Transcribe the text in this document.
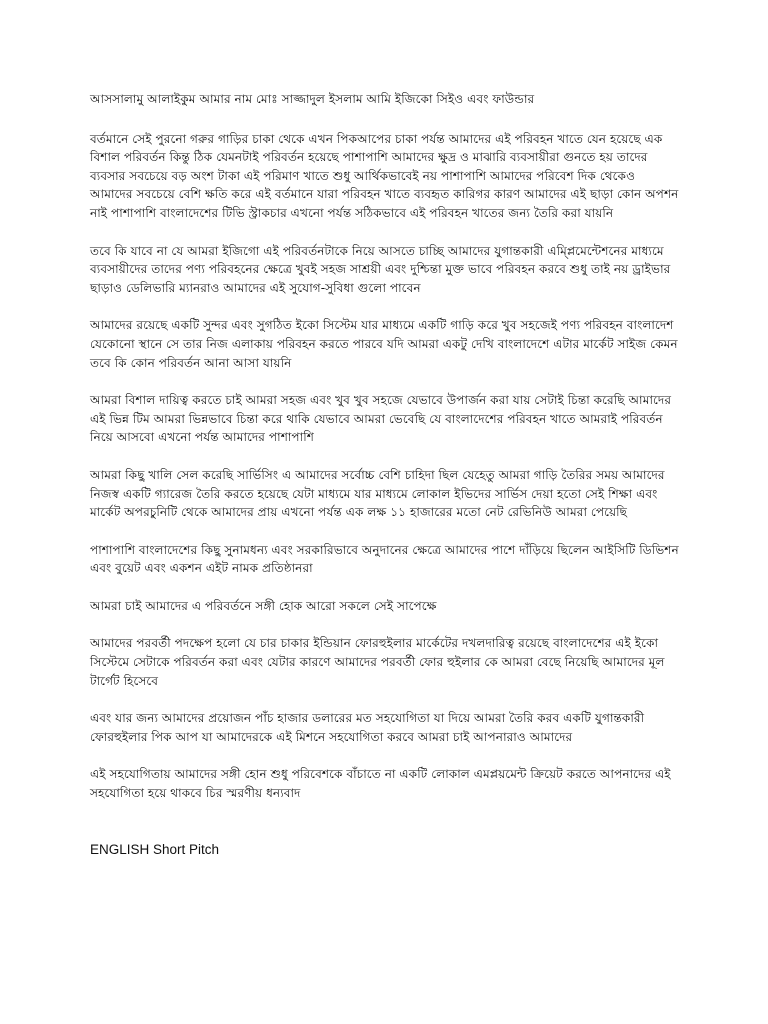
আসসালামু আলাইকুম আমার নাম মোঃ সাজ্জাদুল ইসলাম আমি ইজিকো সিইও এবং ফাউন্ডার

বর্তমানে সেই পুরনো গরুর গাড়ির চাকা থেকে এখন পিকআপের চাকা পর্যন্ত আমাদের এই পরিবহন খাতে যেন হয়েছে এক বিশাল পরিবর্তন কিন্তু ঠিক যেমনটাই পরিবর্তন হয়েছে পাশাপাশি আমাদের ক্ষুদ্র ও মাঝারি ব্যবসায়ীরা গুনতে হয় তাদের ব্যবসার সবচেয়ে বড় অংশ টাকা এই পরিমাণ খাতে শুধু আর্থিকভাবেই নয় পাশাপাশি আমাদের পরিবেশ দিক থেকেও আমাদের সবচেয়ে বেশি ক্ষতি করে এই বর্তমানে যারা পরিবহন খাতে ব্যবহৃত কারিগর কারণ আমাদের এই ছাড়া কোন অপশন নাই পাশাপাশি বাংলাদেশের টিভি স্ট্রাকচার এখনো পর্যন্ত সঠিকভাবে এই পরিবহন খাতের জন্য তৈরি করা যায়নি

তবে কি যাবে না যে আমরা ইজিগো এই পরিবর্তনটাকে নিয়ে আসতে চাচ্ছি আমাদের যুগান্তকারী এম্প্লিমেন্টেশনের মাধ্যমে ব্যবসায়ীদের তাদের পণ্য পরিবহনের ক্ষেত্রে খুবই সহজ সাশ্রয়ী এবং দুশ্চিন্তা মুক্ত ভাবে পরিবহন করবে শুধু তাই নয় ড্রাইভার ছাড়াও ডেলিভারি ম্যানরাও আমাদের এই সুযোগ-সুবিধা গুলো পাবেন

আমাদের রয়েছে একটি সুন্দর এবং সুগঠিত ইকো সিস্টেম যার মাধ্যমে একটি গাড়ি করে খুব সহজেই পণ্য পরিবহন বাংলাদেশ যেকোনো স্থানে সে তার নিজ এলাকায় পরিবহন করতে পারবে যদি আমরা একটু দেখি বাংলাদেশে এটার মার্কেট সাইজ কেমন তবে কি কোন পরিবর্তন আনা আসা যায়নি

আমরা বিশাল দায়িত্ব করতে চাই আমরা সহজ এবং খুব খুব সহজে যেভাবে উপার্জন করা যায় সেটাই চিন্তা করেছি আমাদের এই ভিন্ন টিম আমরা ভিন্নভাবে চিন্তা করে থাকি যেভাবে আমরা ভেবেছি যে বাংলাদেশের পরিবহন খাতে আমরাই পরিবর্তন নিয়ে আসবো এখনো পর্যন্ত আমাদের পাশাপাশি

আমরা কিছু খালি সেল করেছি সার্ভিসিং এ আমাদের সর্বোচ্চ বেশি চাহিদা ছিল যেহেতু আমরা গাড়ি তৈরির সময় আমাদের নিজস্ব একটি গ্যারেজ তৈরি করতে হয়েছে যেটা মাধ্যমে যার মাধ্যমে লোকাল ইভিদের সার্ভিস দেয়া হতো সেই শিক্ষা এবং মার্কেট অপরচুনিটি থেকে আমাদের প্রায় এখনো পর্যন্ত এক লক্ষ ১১ হাজারের মতো নেট রেভিনিউ আমরা পেয়েছি

পাশাপাশি বাংলাদেশের কিছু সুনামধন্য এবং সরকারিভাবে অনুদানের ক্ষেত্রে আমাদের পাশে দাঁড়িয়ে ছিলেন আইসিটি ডিভিশন এবং বুয়েট এবং একশন এইট নামক প্রতিষ্ঠানরা

আমরা চাই আমাদের এ পরিবর্তনে সঙ্গী হোক আরো সকলে সেই সাপেক্ষে

আমাদের পরবর্তী পদক্ষেপ হলো যে চার চাকার ইন্ডিয়ান ফোরহুইলার মার্কেটের দখলদারিত্ব রয়েছে বাংলাদেশের এই ইকো সিস্টেমে সেটাকে পরিবর্তন করা এবং যেটার কারণে আমাদের পরবর্তী ফোর হুইলার কে আমরা বেছে নিয়েছি আমাদের মূল টার্গেট হিসেবে

এবং যার জন্য আমাদের প্রয়োজন পাঁচ হাজার ডলারের মত সহযোগিতা যা দিয়ে আমরা তৈরি করব একটি যুগান্তকারী ফোরহুইলার পিক আপ যা আমাদেরকে এই মিশনে সহযোগিতা করবে আমরা চাই আপনারাও আমাদের

এই সহযোগিতায় আমাদের সঙ্গী হোন শুধু পরিবেশকে বাঁচাতে না একটি লোকাল এমপ্লয়মেন্ট ক্রিয়েট করতে আপনাদের এই সহযোগিতা হয়ে থাকবে চির স্মরণীয় ধন্যবাদ

ENGLISH Short Pitch
